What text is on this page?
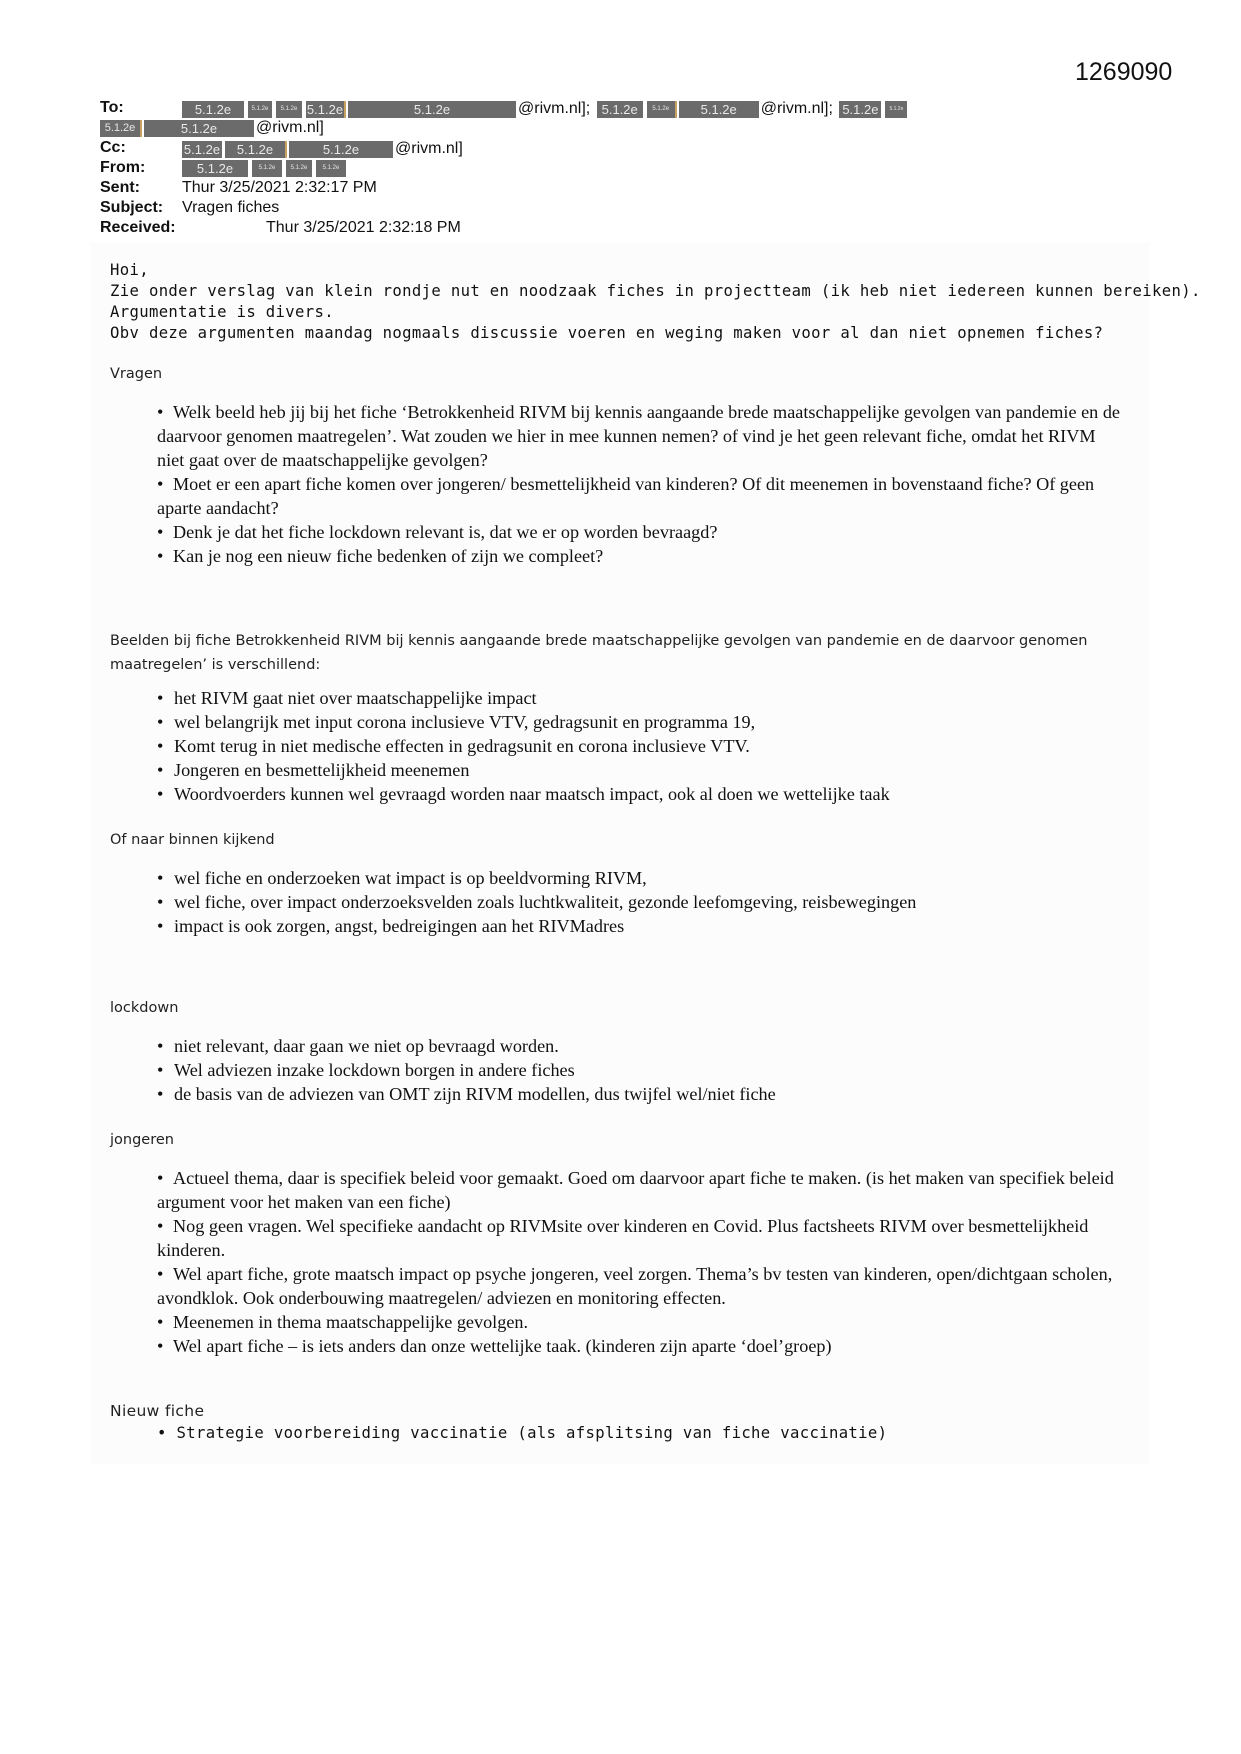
1269090
To:	5.1.2e	5.1.2e 5.1.2e 5.1.2e	5.1.2e	@rivm.nl]; 5.1.2e 5.1.2e 5.1.2e @rivm.nl]; 5.1.2e 5.1.2e
5.1.2e	5.1.2e	@rivm.nl]
Cc:	5.1.2e 5.1.2e	5.1.2e @rivm.nl]
From:	5.1.2e	5.1.2e	5.1.2e	5.1.2e
Sent:	Thur 3/25/2021 2:32:17 PM
Subject: Vragen fiches
Received:	Thur 3/25/2021 2:32:18 PM
Hoi,
Zie onder verslag van klein rondje nut en noodzaak fiches in projectteam (ik heb niet iedereen kunnen bereiken).
Argumentatie is divers.
Obv deze argumenten maandag nogmaals discussie voeren en weging maken voor al dan niet opnemen fiches?
Vragen
• Welk beeld heb jij bij het fiche ‘Betrokkenheid RIVM bij kennis aangaande brede maatschappelijke gevolgen van pandemie en de daarvoor genomen maatregelen’. Wat zouden we hier in mee kunnen nemen? of vind je het geen relevant fiche, omdat het RIVM niet gaat over de maatschappelijke gevolgen?
• Moet er een apart fiche komen over jongeren/ besmettelijkheid van kinderen? Of dit meenemen in bovenstaand fiche? Of geen aparte aandacht?
• Denk je dat het fiche lockdown relevant is, dat we er op worden bevraagd?
• Kan je nog een nieuw fiche bedenken of zijn we compleet?
Beelden bij fiche Betrokkenheid RIVM bij kennis aangaande brede maatschappelijke gevolgen van pandemie en de daarvoor genomen maatregelen’ is verschillend:
• het RIVM gaat niet over maatschappelijke impact
• wel belangrijk met input corona inclusieve VTV, gedragsunit en programma 19,
• Komt terug in niet medische effecten in gedragsunit en corona inclusieve VTV.
• Jongeren en besmettelijkheid meenemen
• Woordvoerders kunnen wel gevraagd worden naar maatsch impact, ook al doen we wettelijke taak
Of naar binnen kijkend
• wel fiche en onderzoeken wat impact is op beeldvorming RIVM,
• wel fiche, over impact onderzoeksvelden zoals luchtkwaliteit, gezonde leefomgeving, reisbewegingen
• impact is ook zorgen, angst, bedreigingen aan het RIVMadres
lockdown
• niet relevant, daar gaan we niet op bevraagd worden.
• Wel adviezen inzake lockdown borgen in andere fiches
• de basis van de adviezen van OMT zijn RIVM modellen, dus twijfel wel/niet fiche
jongeren
• Actueel thema, daar is specifiek beleid voor gemaakt. Goed om daarvoor apart fiche te maken. (is het maken van specifiek beleid argument voor het maken van een fiche)
• Nog geen vragen. Wel specifieke aandacht op RIVMsite over kinderen en Covid. Plus factsheets RIVM over besmettelijkheid kinderen.
• Wel apart fiche, grote maatsch impact op psyche jongeren, veel zorgen. Thema’s bv testen van kinderen, open/dichtgaan scholen, avondklok. Ook onderbouwing maatregelen/ adviezen en monitoring effecten.
• Meenemen in thema maatschappelijke gevolgen.
• Wel apart fiche – is iets anders dan onze wettelijke taak. (kinderen zijn aparte ‘doel’groep)
Nieuw fiche
• Strategie voorbereiding vaccinatie (als afsplitsing van fiche vaccinatie)
